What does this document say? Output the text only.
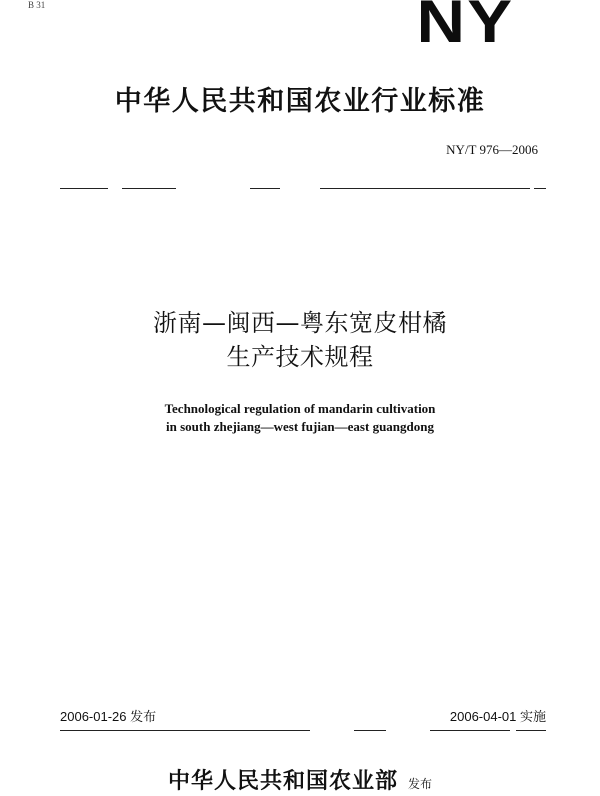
B 31	NY
中华人民共和国农业行业标准
NY/T 976—2006
浙南—闽西—粤东宽皮柑橘
生产技术规程
Technological regulation of mandarin cultivation
in south zhejiang—west fujian—east guangdong
2006-01-26 发布	2006-04-01 实施
中华人民共和国农业部 发布
